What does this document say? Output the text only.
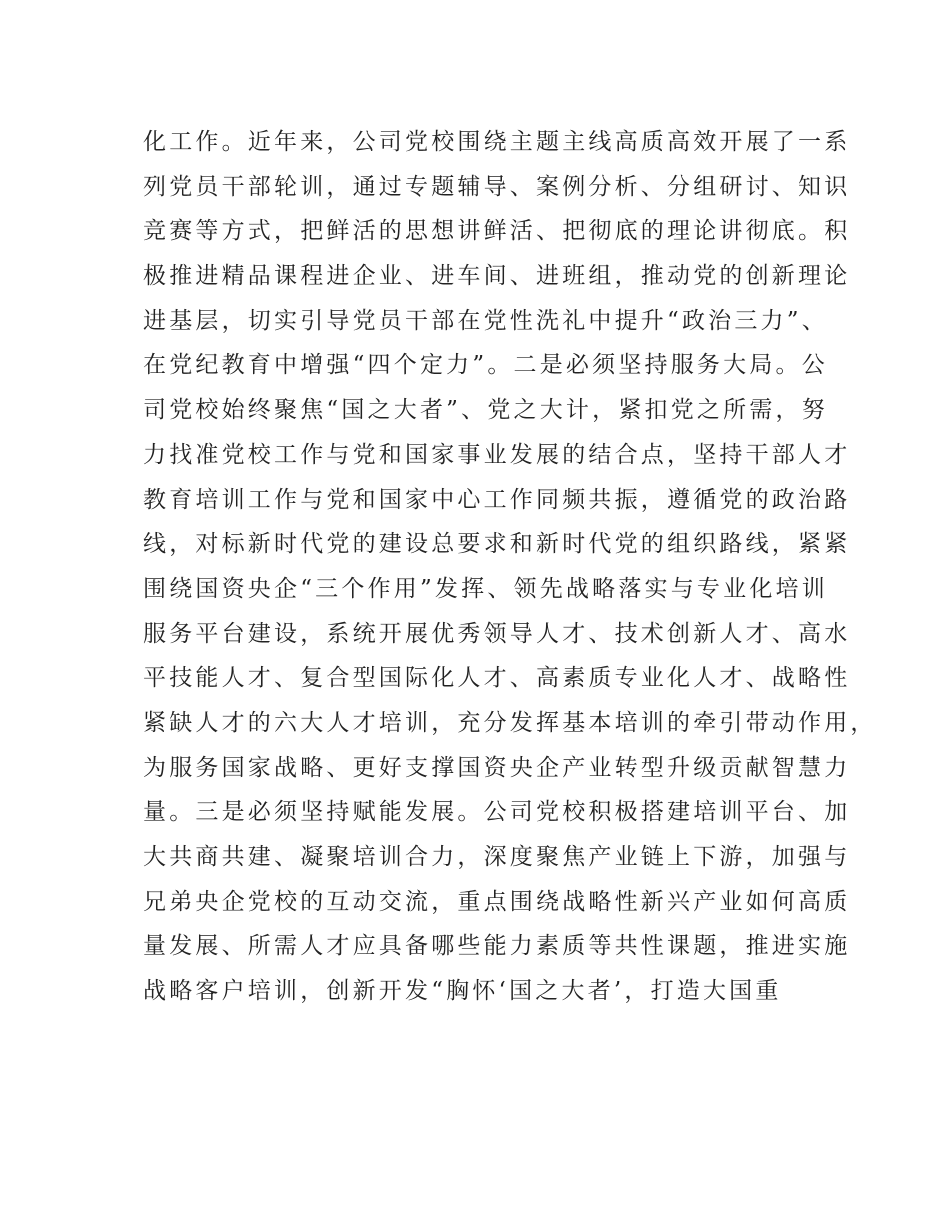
化工作。近年来，公司党校围绕主题主线高质高效开展了一系
列党员干部轮训，通过专题辅导、案例分析、分组研讨、知识
竞赛等方式，把鲜活的思想讲鲜活、把彻底的理论讲彻底。积
极推进精品课程进企业、进车间、进班组，推动党的创新理论
进基层，切实引导党员干部在党性洗礼中提升“政治三力”、
在党纪教育中增强“四个定力”。二是必须坚持服务大局。公
司党校始终聚焦“国之大者”、党之大计，紧扣党之所需，努
力找准党校工作与党和国家事业发展的结合点，坚持干部人才
教育培训工作与党和国家中心工作同频共振，遵循党的政治路
线，对标新时代党的建设总要求和新时代党的组织路线，紧紧
围绕国资央企“三个作用”发挥、领先战略落实与专业化培训
服务平台建设，系统开展优秀领导人才、技术创新人才、高水
平技能人才、复合型国际化人才、高素质专业化人才、战略性
紧缺人才的六大人才培训，充分发挥基本培训的牵引带动作用，
为服务国家战略、更好支撑国资央企产业转型升级贡献智慧力
量。三是必须坚持赋能发展。公司党校积极搭建培训平台、加
大共商共建、凝聚培训合力，深度聚焦产业链上下游，加强与
兄弟央企党校的互动交流，重点围绕战略性新兴产业如何高质
量发展、所需人才应具备哪些能力素质等共性课题，推进实施
战略客户培训，创新开发“胸怀‘国之大者’，打造大国重
